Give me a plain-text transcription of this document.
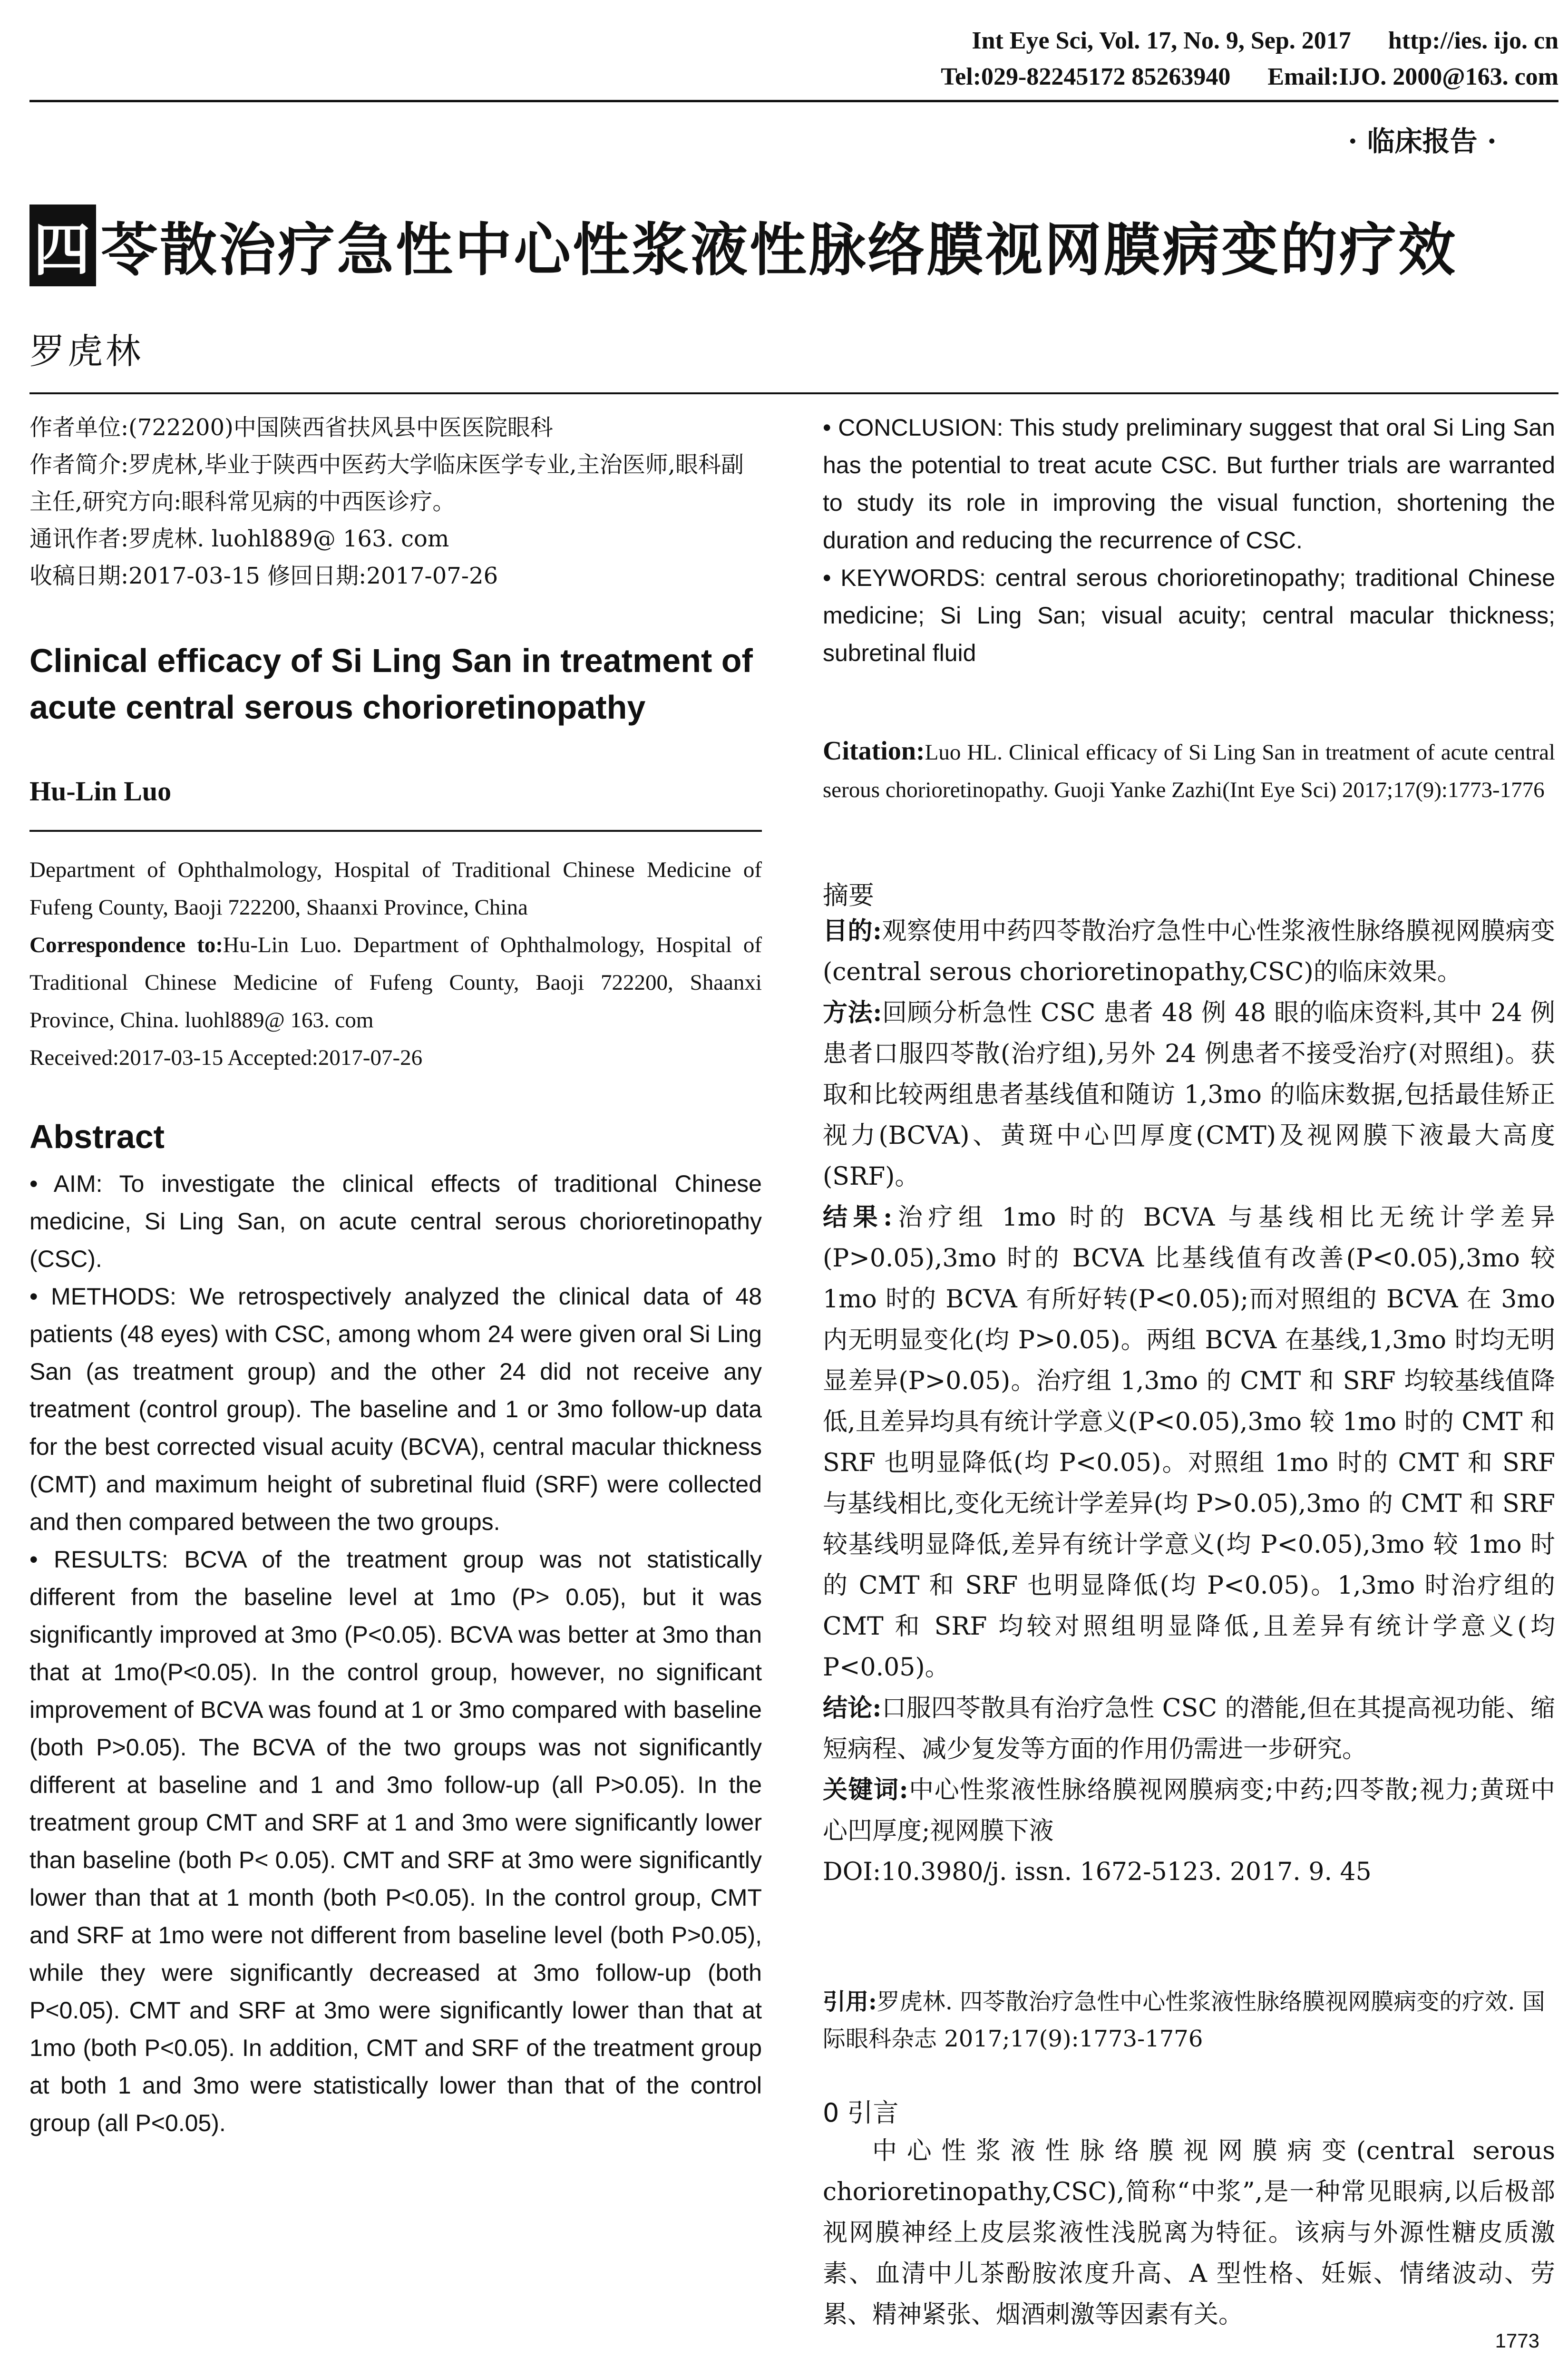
Int Eye Sci, Vol. 17, No. 9, Sep. 2017 http://ies. ijo. cn
Tel:029-82245172 85263940 Email:IJO. 2000@163. com
· 临床报告 ·
四 苓散治疗急性中心性浆液性脉络膜视网膜病变的疗效
罗虎林

作者单位:(722200)中国陕西省扶风县中医医院眼科

作者简介:罗虎林,毕业于陕西中医药大学临床医学专业,主治医师,眼科副主任,研究方向:眼科常见病的中西医诊疗。

通讯作者:罗虎林. luohl889@ 163. com

收稿日期:2017-03-15 修回日期:2017-07-26

Clinical efficacy of Si Ling San in treatment of acute central serous chorioretinopathy
Hu-Lin Luo

Department of Ophthalmology, Hospital of Traditional Chinese Medicine of Fufeng County, Baoji 722200, Shaanxi Province, China

Correspondence to:Hu-Lin Luo. Department of Ophthalmology, Hospital of Traditional Chinese Medicine of Fufeng County, Baoji 722200, Shaanxi Province, China. luohl889@ 163. com

Received:2017-03-15 Accepted:2017-07-26

Abstract

• AIM: To investigate the clinical effects of traditional Chinese medicine, Si Ling San, on acute central serous chorioretinopathy (CSC).

• METHODS: We retrospectively analyzed the clinical data of 48 patients (48 eyes) with CSC, among whom 24 were given oral Si Ling San (as treatment group) and the other 24 did not receive any treatment (control group). The baseline and 1 or 3mo follow-up data for the best corrected visual acuity (BCVA), central macular thickness (CMT) and maximum height of subretinal fluid (SRF) were collected and then compared between the two groups.

• RESULTS: BCVA of the treatment group was not statistically different from the baseline level at 1mo (P> 0.05), but it was significantly improved at 3mo (P<0.05). BCVA was better at 3mo than that at 1mo(P<0.05). In the control group, however, no significant improvement of BCVA was found at 1 or 3mo compared with baseline (both P>0.05). The BCVA of the two groups was not significantly different at baseline and 1 and 3mo follow-up (all P>0.05). In the treatment group CMT and SRF at 1 and 3mo were significantly lower than baseline (both P< 0.05). CMT and SRF at 3mo were significantly lower than that at 1 month (both P<0.05). In the control group, CMT and SRF at 1mo were not different from baseline level (both P>0.05), while they were significantly decreased at 3mo follow-up (both P<0.05). CMT and SRF at 3mo were significantly lower than that at 1mo (both P<0.05). In addition, CMT and SRF of the treatment group at both 1 and 3mo were statistically lower than that of the control group (all P<0.05).

• CONCLUSION: This study preliminary suggest that oral Si Ling San has the potential to treat acute CSC. But further trials are warranted to study its role in improving the visual function, shortening the duration and reducing the recurrence of CSC.

• KEYWORDS: central serous chorioretinopathy; traditional Chinese medicine; Si Ling San; visual acuity; central macular thickness; subretinal fluid

Citation:Luo HL. Clinical efficacy of Si Ling San in treatment of acute central serous chorioretinopathy. Guoji Yanke Zazhi(Int Eye Sci) 2017;17(9):1773-1776
摘要

目的:观察使用中药四苓散治疗急性中心性浆液性脉络膜视网膜病变(central serous chorioretinopathy,CSC)的临床效果。

方法:回顾分析急性 CSC 患者 48 例 48 眼的临床资料,其中 24 例患者口服四苓散(治疗组),另外 24 例患者不接受治疗(对照组)。获取和比较两组患者基线值和随访 1,3mo 的临床数据,包括最佳矫正视力(BCVA)、黄斑中心凹厚度(CMT)及视网膜下液最大高度(SRF)。

结果:治疗组 1mo 时的 BCVA 与基线相比无统计学差异(P>0.05),3mo 时的 BCVA 比基线值有改善(P<0.05),3mo 较 1mo 时的 BCVA 有所好转(P<0.05);而对照组的 BCVA 在 3mo 内无明显变化(均 P>0.05)。两组 BCVA 在基线,1,3mo 时均无明显差异(P>0.05)。治疗组 1,3mo 的 CMT 和 SRF 均较基线值降低,且差异均具有统计学意义(P<0.05),3mo 较 1mo 时的 CMT 和 SRF 也明显降低(均 P<0.05)。对照组 1mo 时的 CMT 和 SRF 与基线相比,变化无统计学差异(均 P>0.05),3mo 的 CMT 和 SRF 较基线明显降低,差异有统计学意义(均 P<0.05),3mo 较 1mo 时的 CMT 和 SRF 也明显降低(均 P<0.05)。1,3mo 时治疗组的 CMT 和 SRF 均较对照组明显降低,且差异有统计学意义(均 P<0.05)。

结论:口服四苓散具有治疗急性 CSC 的潜能,但在其提高视功能、缩短病程、减少复发等方面的作用仍需进一步研究。

关键词:中心性浆液性脉络膜视网膜病变;中药;四苓散;视力;黄斑中心凹厚度;视网膜下液

DOI:10.3980/j. issn. 1672-5123. 2017. 9. 45

引用:罗虎林. 四苓散治疗急性中心性浆液性脉络膜视网膜病变的疗效. 国际眼科杂志 2017;17(9):1773-1776
0 引言
中心性浆液性脉络膜视网膜病变(central serous chorioretinopathy,CSC),简称“中浆”,是一种常见眼病,以后极部视网膜神经上皮层浆液性浅脱离为特征。该病与外源性糖皮质激素、血清中儿茶酚胺浓度升高、A 型性格、妊娠、情绪波动、劳累、精神紧张、烟酒刺激等因素有关。
1773
